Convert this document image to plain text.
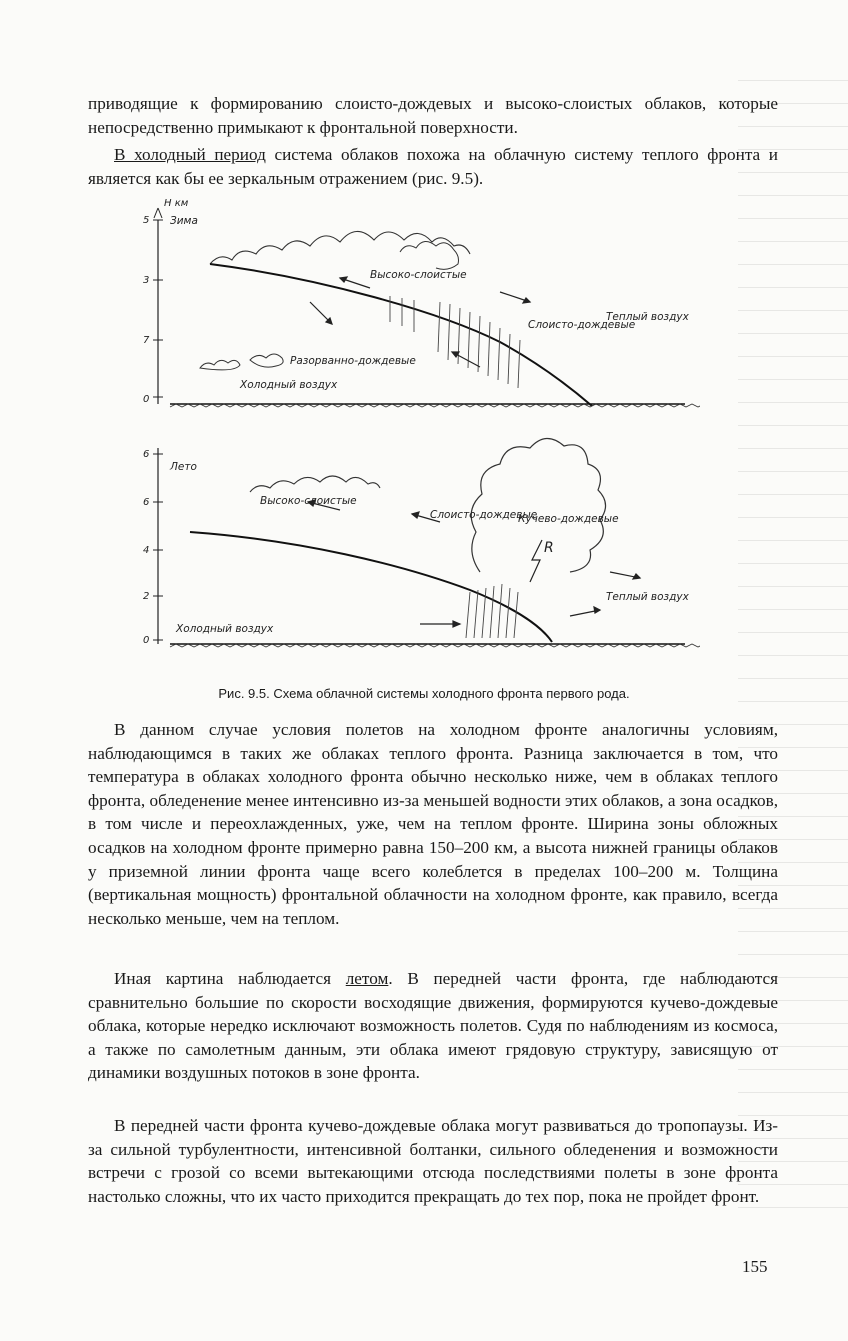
приводящие к формированию слоисто-дождевых и высоко-слоистых облаков, которые непосредственно примыкают к фронтальной поверхности.

В холодный период система облаков похожа на облачную систему теплого фронта и является как бы ее зеркальным отражением (рис. 9.5).

Н км
5
3
7
0
Зима
Высоко-слоистые
Слоисто-дождевые
Разорванно-дождевые
Холодный воздух
Теплый воздух
6
6
4
2
0
Лето
R
Высоко-слоистые
Слоисто-дождевые
Кучево-дождевые
Холодный воздух
Теплый воздух
Рис. 9.5. Схема облачной системы холодного фронта первого рода.

В данном случае условия полетов на холодном фронте аналогичны условиям, наблюдающимся в таких же облаках теплого фронта. Разница заключается в том, что температура в облаках холодного фронта обычно несколько ниже, чем в облаках теплого фронта, обледенение менее интенсивно из-за меньшей водности этих облаков, а зона осадков, в том числе и переохлажденных, уже, чем на теплом фронте. Ширина зоны обложных осадков на холодном фронте примерно равна 150–200 км, а высота нижней границы облаков у приземной линии фронта чаще всего колеблется в пределах 100–200 м. Толщина (вертикальная мощность) фронтальной облачности на холодном фронте, как правило, всегда несколько меньше, чем на теплом.

Иная картина наблюдается летом. В передней части фронта, где наблюдаются сравнительно большие по скорости восходящие движения, формируются кучево-дождевые облака, которые нередко исключают возможность полетов. Судя по наблюдениям из космоса, а также по самолетным данным, эти облака имеют грядовую структуру, зависящую от динамики воздушных потоков в зоне фронта.

В передней части фронта кучево-дождевые облака могут развиваться до тропопаузы. Из-за сильной турбулентности, интенсивной болтанки, сильного обледенения и возможности встречи с грозой со всеми вытекающими отсюда последствиями полеты в зоне фронта настолько сложны, что их часто приходится прекращать до тех пор, пока не пройдет фронт.

155
